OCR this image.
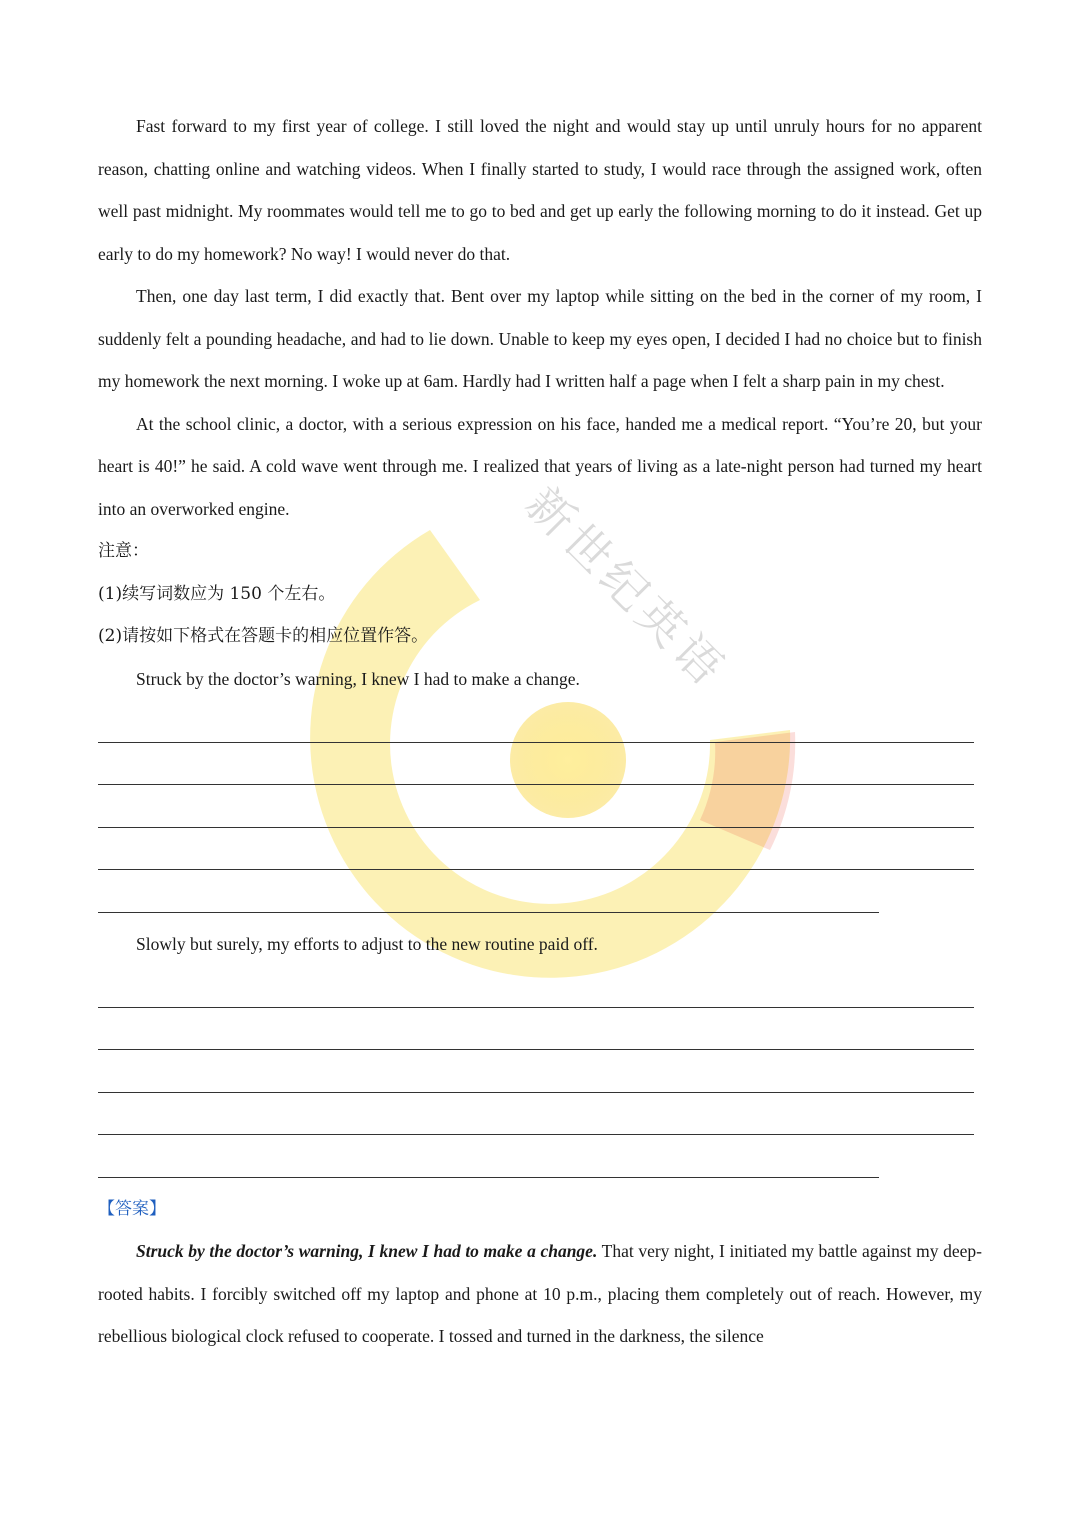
新世纪英语

Fast forward to my first year of college. I still loved the night and would stay up until unruly hours for no apparent reason, chatting online and watching videos. When I finally started to study, I would race through the assigned work, often well past midnight. My roommates would tell me to go to bed and get up early the following morning to do it instead. Get up early to do my homework? No way! I would never do that.

Then, one day last term, I did exactly that. Bent over my laptop while sitting on the bed in the corner of my room, I suddenly felt a pounding headache, and had to lie down. Unable to keep my eyes open, I decided I had no choice but to finish my homework the next morning. I woke up at 6am. Hardly had I written half a page when I felt a sharp pain in my chest.

At the school clinic, a doctor, with a serious expression on his face, handed me a medical report. “You’re 20, but your heart is 40!” he said. A cold wave went through me. I realized that years of living as a late-night person had turned my heart into an overworked engine.

注意：

(1)续写词数应为 150 个左右。

(2)请按如下格式在答题卡的相应位置作答。

Struck by the doctor’s warning, I knew I had to make a change.

Slowly but surely, my efforts to adjust to the new routine paid off.

【答案】

Struck by the doctor’s warning, I knew I had to make a change. That very night, I initiated my battle against my deep-rooted habits. I forcibly switched off my laptop and phone at 10 p.m., placing them completely out of reach. However, my rebellious biological clock refused to cooperate. I tossed and turned in the darkness, the silence
